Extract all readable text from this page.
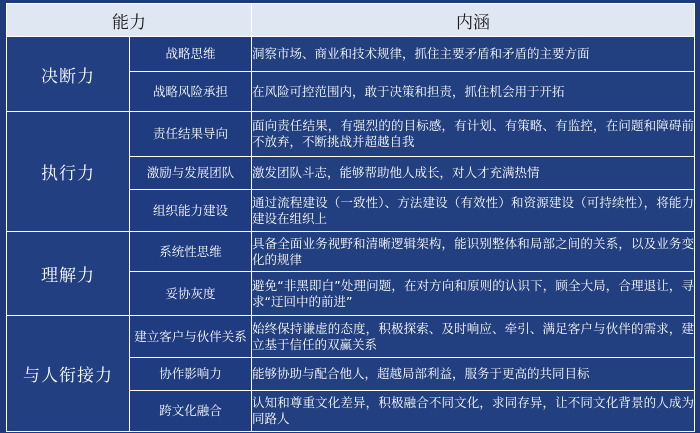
能力		内涵
决断力	战略思维	洞察市场、商业和技术规律，抓住主要矛盾和矛盾的主要方面
	战略风险承担	在风险可控范围内，敢于决策和担责，抓住机会用于开拓
执行力	责任结果导向	面向责任结果，有强烈的的目标感，有计划、有策略、有监控，在问题和障碍前不放弃，不断挑战并超越自我
	激励与发展团队	激发团队斗志，能够帮助他人成长，对人才充满热情
	组织能力建设	通过流程建设（一致性）、方法建设（有效性）和资源建设（可持续性），将能力建设在组织上
理解力	系统性思维	具备全面业务视野和清晰逻辑架构，能识别整体和局部之间的关系，以及业务变化的规律
	妥协灰度	避免“非黑即白”处理问题，在对方向和原则的认识下，顾全大局，合理退让，寻求“迂回中的前进”
与人衔接力	建立客户与伙伴关系	始终保持谦虚的态度，积极探索、及时响应、牵引、满足客户与伙伴的需求，建立基于信任的双赢关系
	协作影响力	能够协助与配合他人，超越局部利益，服务于更高的共同目标
	跨文化融合	认知和尊重文化差异，积极融合不同文化，求同存异，让不同文化背景的人成为同路人
